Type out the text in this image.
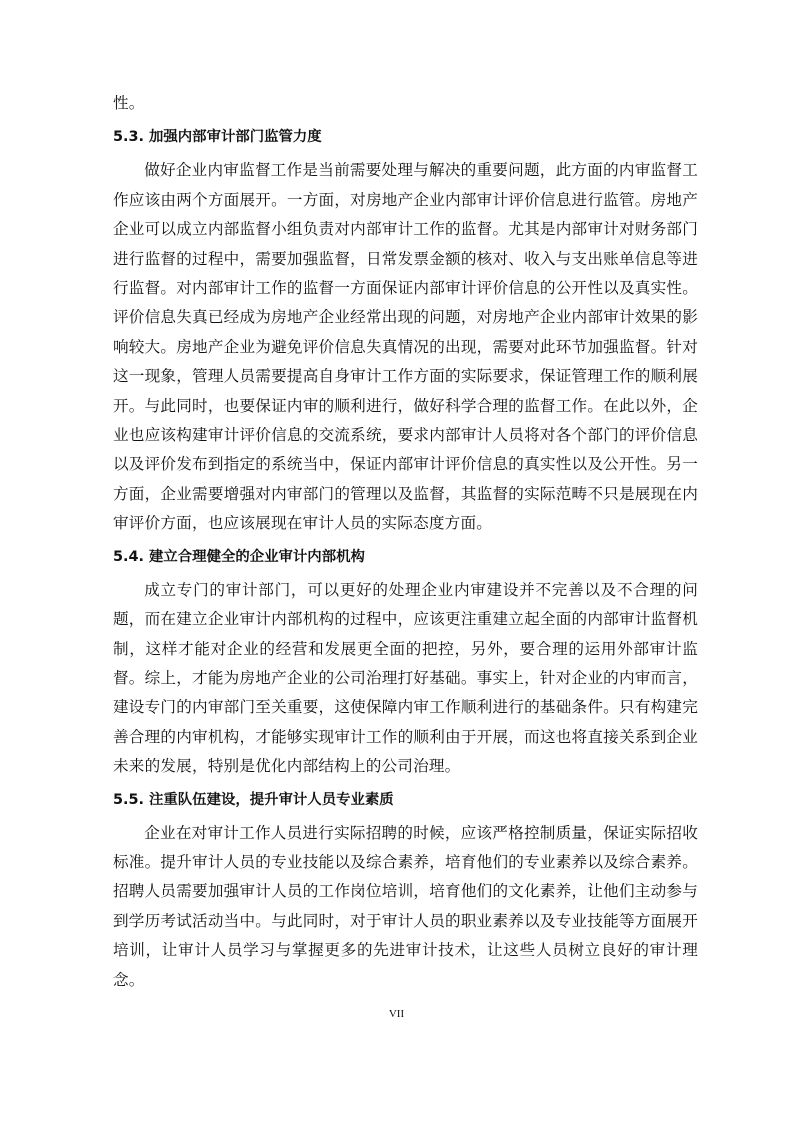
性。

5.3. 加强内部审计部门监管力度

做好企业内审监督工作是当前需要处理与解决的重要问题，此方面的内审监督工作应该由两个方面展开。一方面，对房地产企业内部审计评价信息进行监管。房地产企业可以成立内部监督小组负责对内部审计工作的监督。尤其是内部审计对财务部门进行监督的过程中，需要加强监督，日常发票金额的核对、收入与支出账单信息等进行监督。对内部审计工作的监督一方面保证内部审计评价信息的公开性以及真实性。评价信息失真已经成为房地产企业经常出现的问题，对房地产企业内部审计效果的影响较大。房地产企业为避免评价信息失真情况的出现，需要对此环节加强监督。针对这一现象，管理人员需要提高自身审计工作方面的实际要求，保证管理工作的顺利展开。与此同时，也要保证内审的顺利进行，做好科学合理的监督工作。在此以外，企业也应该构建审计评价信息的交流系统，要求内部审计人员将对各个部门的评价信息以及评价发布到指定的系统当中，保证内部审计评价信息的真实性以及公开性。另一方面，企业需要增强对内审部门的管理以及监督，其监督的实际范畴不只是展现在内审评价方面，也应该展现在审计人员的实际态度方面。

5.4. 建立合理健全的企业审计内部机构

成立专门的审计部门，可以更好的处理企业内审建设并不完善以及不合理的问题，而在建立企业审计内部机构的过程中，应该更注重建立起全面的内部审计监督机制，这样才能对企业的经营和发展更全面的把控，另外，要合理的运用外部审计监督。综上，才能为房地产企业的公司治理打好基础。事实上，针对企业的内审而言，建设专门的内审部门至关重要，这使保障内审工作顺利进行的基础条件。只有构建完善合理的内审机构，才能够实现审计工作的顺利由于开展，而这也将直接关系到企业未来的发展，特别是优化内部结构上的公司治理。

5.5. 注重队伍建设，提升审计人员专业素质

企业在对审计工作人员进行实际招聘的时候，应该严格控制质量，保证实际招收标准。提升审计人员的专业技能以及综合素养，培育他们的专业素养以及综合素养。招聘人员需要加强审计人员的工作岗位培训，培育他们的文化素养，让他们主动参与到学历考试活动当中。与此同时，对于审计人员的职业素养以及专业技能等方面展开培训，让审计人员学习与掌握更多的先进审计技术，让这些人员树立良好的审计理念。

VII
